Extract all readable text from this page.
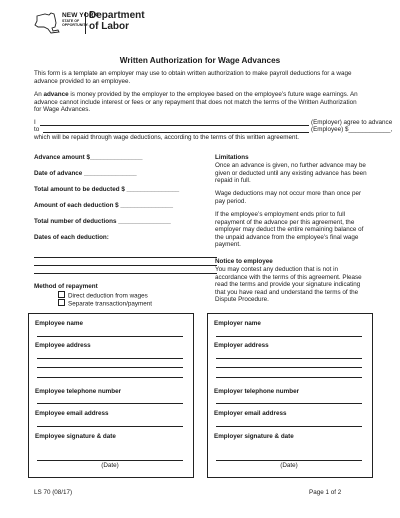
NEW YORK
STATE OF
OPPORTUNITY.
Department
of Labor
Written Authorization for Wage Advances
This form is a template an employer may use to obtain written authorization to make payroll deductions for a wage
advance provided to an employee.
An advance is money provided by the employer to the employee based on the employee’s future wage earnings. An
advance cannot include interest or fees or any repayment that does not match the terms of the Written Authorization
for Wage Advances.
I	(Employer) agree to advance
to	(Employee) $____________,
which will be repaid through wage deductions, according to the terms of this written agreement.
Advance amount $_______________
Date of advance _______________
Total amount to be deducted $ _______________
Amount of each deduction $ _______________
Total number of deductions _______________
Dates of each deduction:
Method of repayment
Direct deduction from wages
Separate transaction/payment
Limitations
Once an advance is given, no further advance may be
given or deducted until any existing advance has been
repaid in full.
Wage deductions may not occur more than once per
pay period.
If the employee’s employment ends prior to full
repayment of the advance per this agreement, the
employer may deduct the entire remaining balance of
the unpaid advance from the employee’s final wage
payment.
Notice to employee
You may contest any deduction that is not in
accordance with the terms of this agreement. Please
read the terms and provide your signature indicating
that you have read and understand the terms of the
Dispute Procedure.
Employee name
Employee address
Employee telephone number
Employee email address
Employee signature & date
(Date)
Employer name
Employer address
Employer telephone number
Employer email address
Employer signature & date
(Date)
LS 70 (08/17)	Page 1 of 2
